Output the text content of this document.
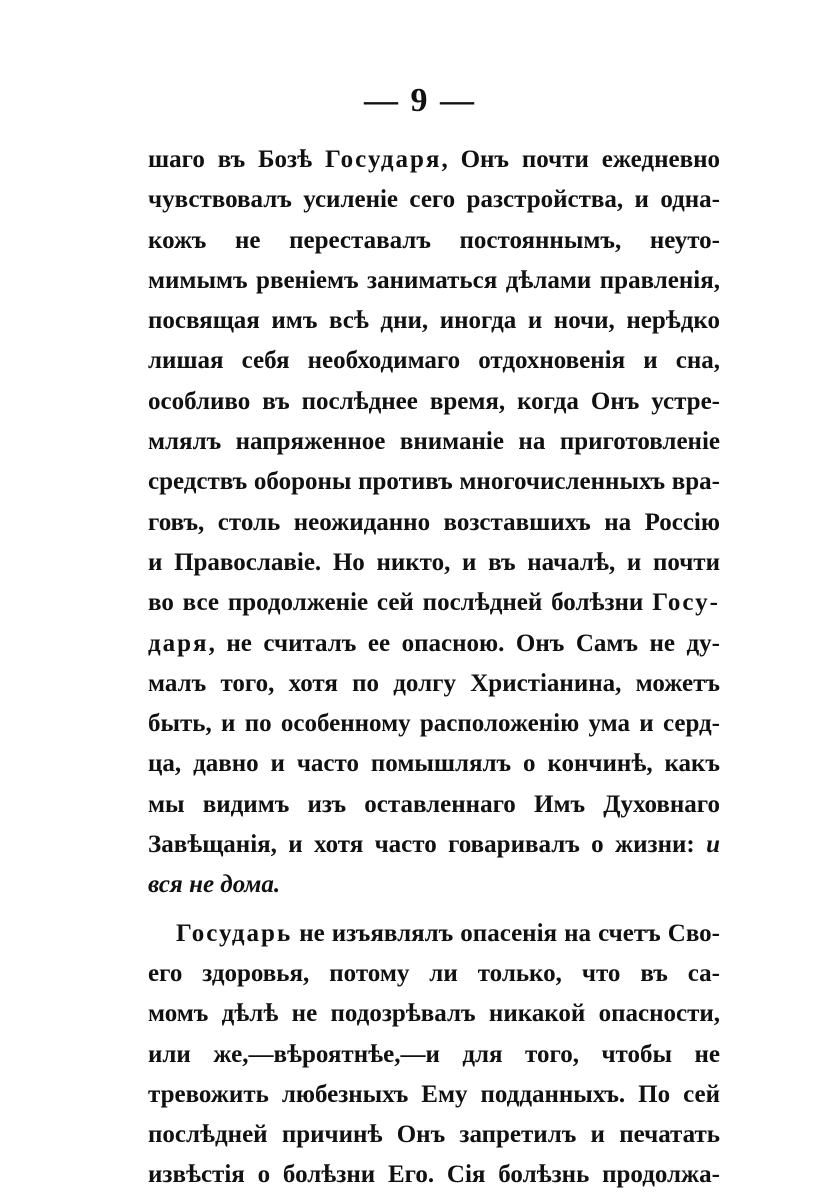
— 9 —
шаго въ Бозѣ Государя, Онъ почти ежедневно
чувствовалъ усиленіе сего разстройства, и одна-
кожъ не переставалъ постояннымъ, неуто-
мимымъ рвеніемъ заниматься дѣлами правленія,
посвящая имъ всѣ дни, иногда и ночи, нерѣдко
лишая себя необходимаго отдохновенія и сна,
особливо въ послѣднее время, когда Онъ устре-
млялъ напряженное вниманіе на приготовленіе
средствъ обороны противъ многочисленныхъ вра-
говъ, столь неожиданно возставшихъ на Россію
и Православіе. Но никто, и въ началѣ, и почти
во все продолженіе сей послѣдней болѣзни Госу-
даря, не считалъ ее опасною. Онъ Самъ не ду-
малъ того, хотя по долгу Христіанина, можетъ
быть, и по особенному расположенію ума и серд-
ца, давно и часто помышлялъ о кончинѣ, какъ
мы видимъ изъ оставленнаго Имъ Духовнаго
Завѣщанія, и хотя часто говаривалъ о жизни: и
вся не дома.
Государь не изъявлялъ опасенія на счетъ Сво-
его здоровья, потому ли только, что въ са-
момъ дѣлѣ не подозрѣвалъ никакой опасности,
или же,—вѣроятнѣе,—и для того, чтобы не
тревожить любезныхъ Ему подданныхъ. По сей
послѣдней причинѣ Онъ запретилъ и печатать
извѣстія о болѣзни Его. Сія болѣзнь продолжа-
